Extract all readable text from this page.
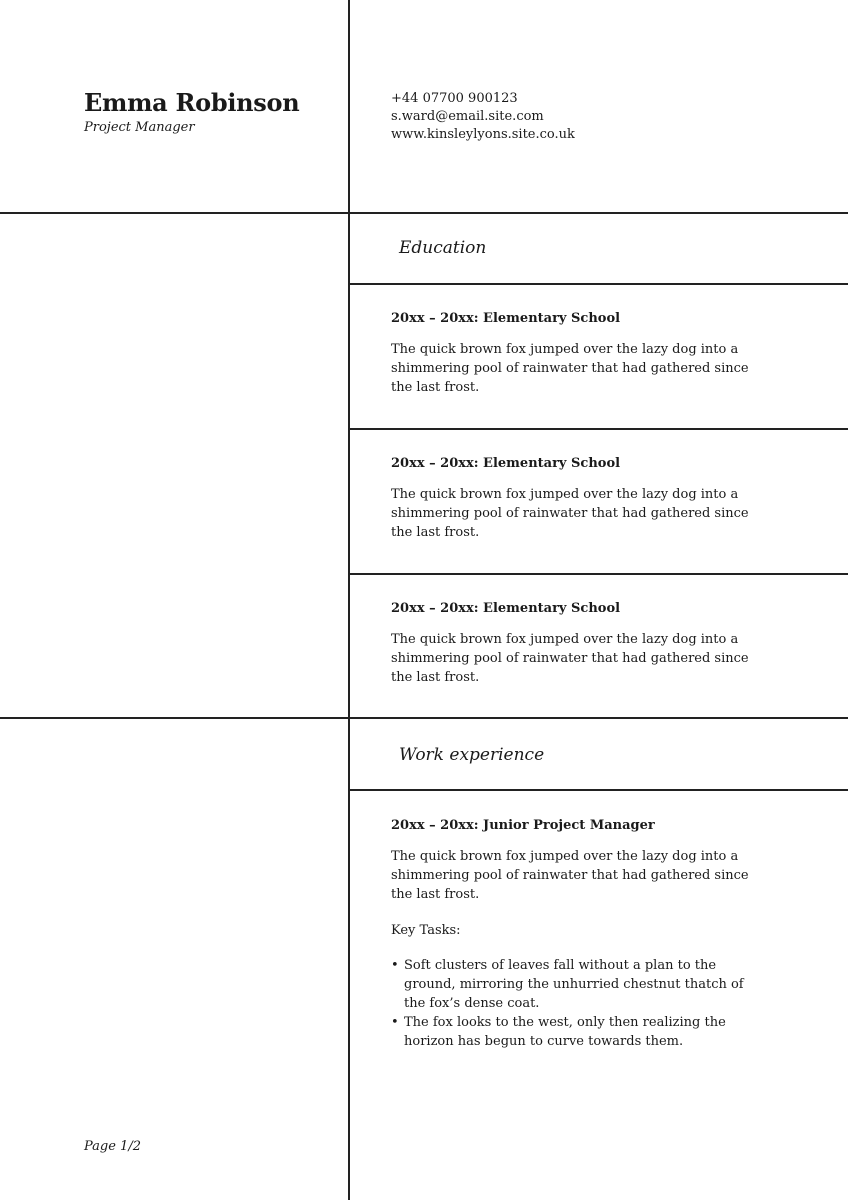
Emma Robinson
Project Manager
+44 07700 900123
s.ward@email.site.com
www.kinsleylyons.site.co.uk
Education

20xx – 20xx: Elementary School

The quick brown fox jumped over the lazy dog into a shimmering pool of rainwater that had gathered since the last frost.

20xx – 20xx: Elementary School

The quick brown fox jumped over the lazy dog into a shimmering pool of rainwater that had gathered since the last frost.

20xx – 20xx: Elementary School

The quick brown fox jumped over the lazy dog into a shimmering pool of rainwater that had gathered since the last frost.

Work experience

20xx – 20xx: Junior Project Manager

The quick brown fox jumped over the lazy dog into a shimmering pool of rainwater that had gathered since the last frost.

Key Tasks:

• Soft clusters of leaves fall without a plan to the ground, mirroring the unhurried chestnut thatch of the fox’s dense coat.
• The fox looks to the west, only then realizing the horizon has begun to curve towards them.
Page 1/2
